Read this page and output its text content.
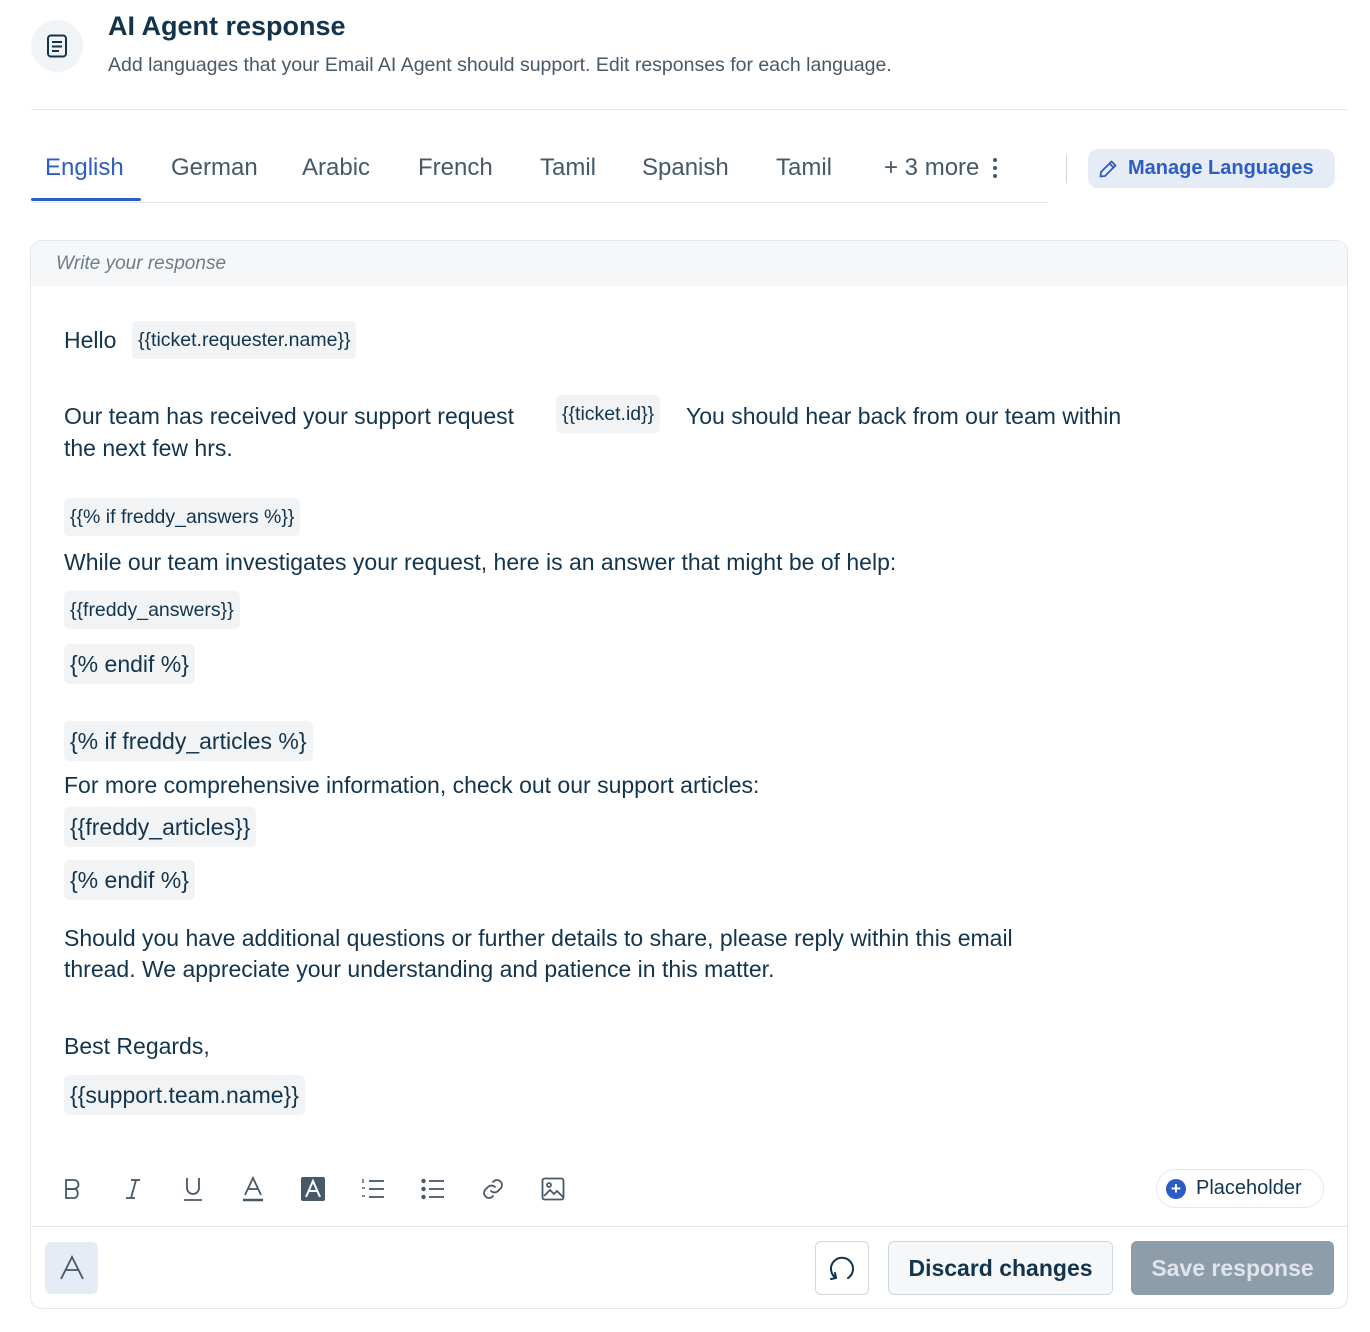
AI Agent response
Add languages that your Email AI Agent should support. Edit responses for each language.
English German Arabic French Tamil Spanish Tamil + 3 more	Manage Languages
Write your response
Hello	{{ticket.requester.name}}
Our team has received your support request	{{ticket.id}} You should hear back from our team within
the next few hrs.
{{% if freddy_answers %}}
While our team investigates your request, here is an answer that might be of help:
{{freddy_answers}}
{% endif %}
{% if freddy_articles %}
For more comprehensive information, check out our support articles:
{{freddy_articles}}
{% endif %}
Should you have additional questions or further details to share, please reply within this email
thread. We appreciate your understanding and patience in this matter.
Best Regards,
{{support.team.name}}
+ Placeholder
Discard changes	Save response
